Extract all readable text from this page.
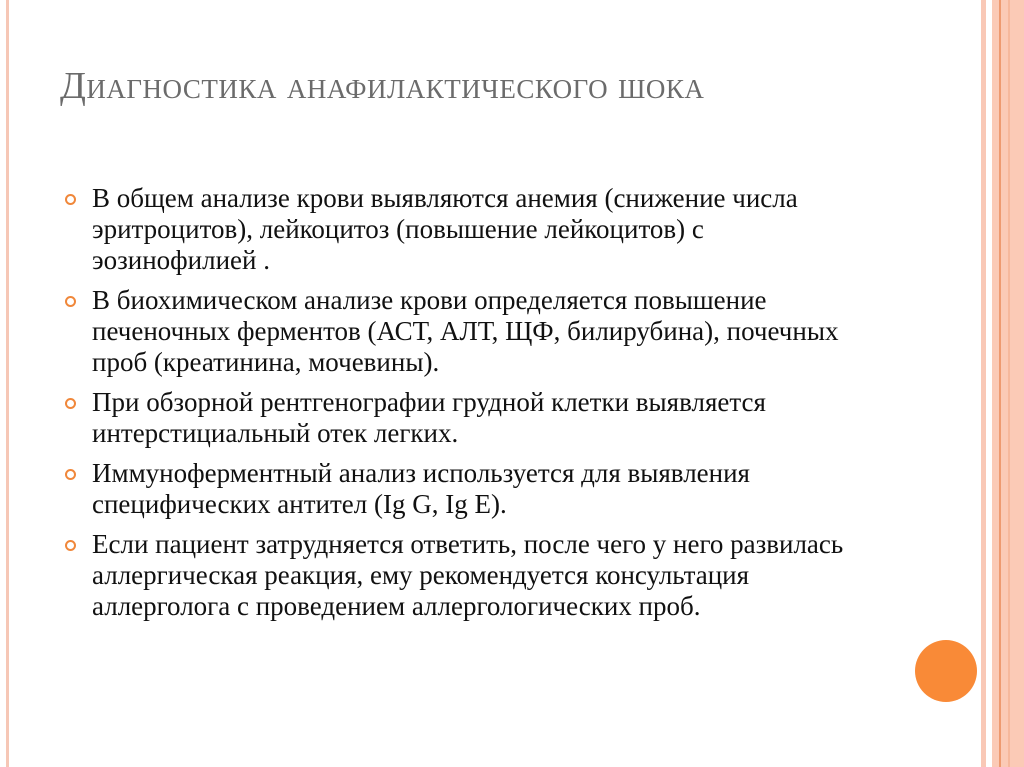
Диагностика анафилактического шока
В общем анализе крови выявляются анемия (снижение числа эритроцитов), лейкоцитоз (повышение лейкоцитов) с эозинофилией .
В биохимическом анализе крови определяется повышение печеночных ферментов (АСТ, АЛТ, ЩФ, билирубина), почечных проб (креатинина, мочевины).
При обзорной рентгенографии грудной клетки выявляется интерстициальный отек легких.
Иммуноферментный анализ используется для выявления специфических антител (Ig G, Ig E).
Если пациент затрудняется ответить, после чего у него развилась аллергическая реакция, ему рекомендуется консультация аллерголога с проведением аллергологических проб.
